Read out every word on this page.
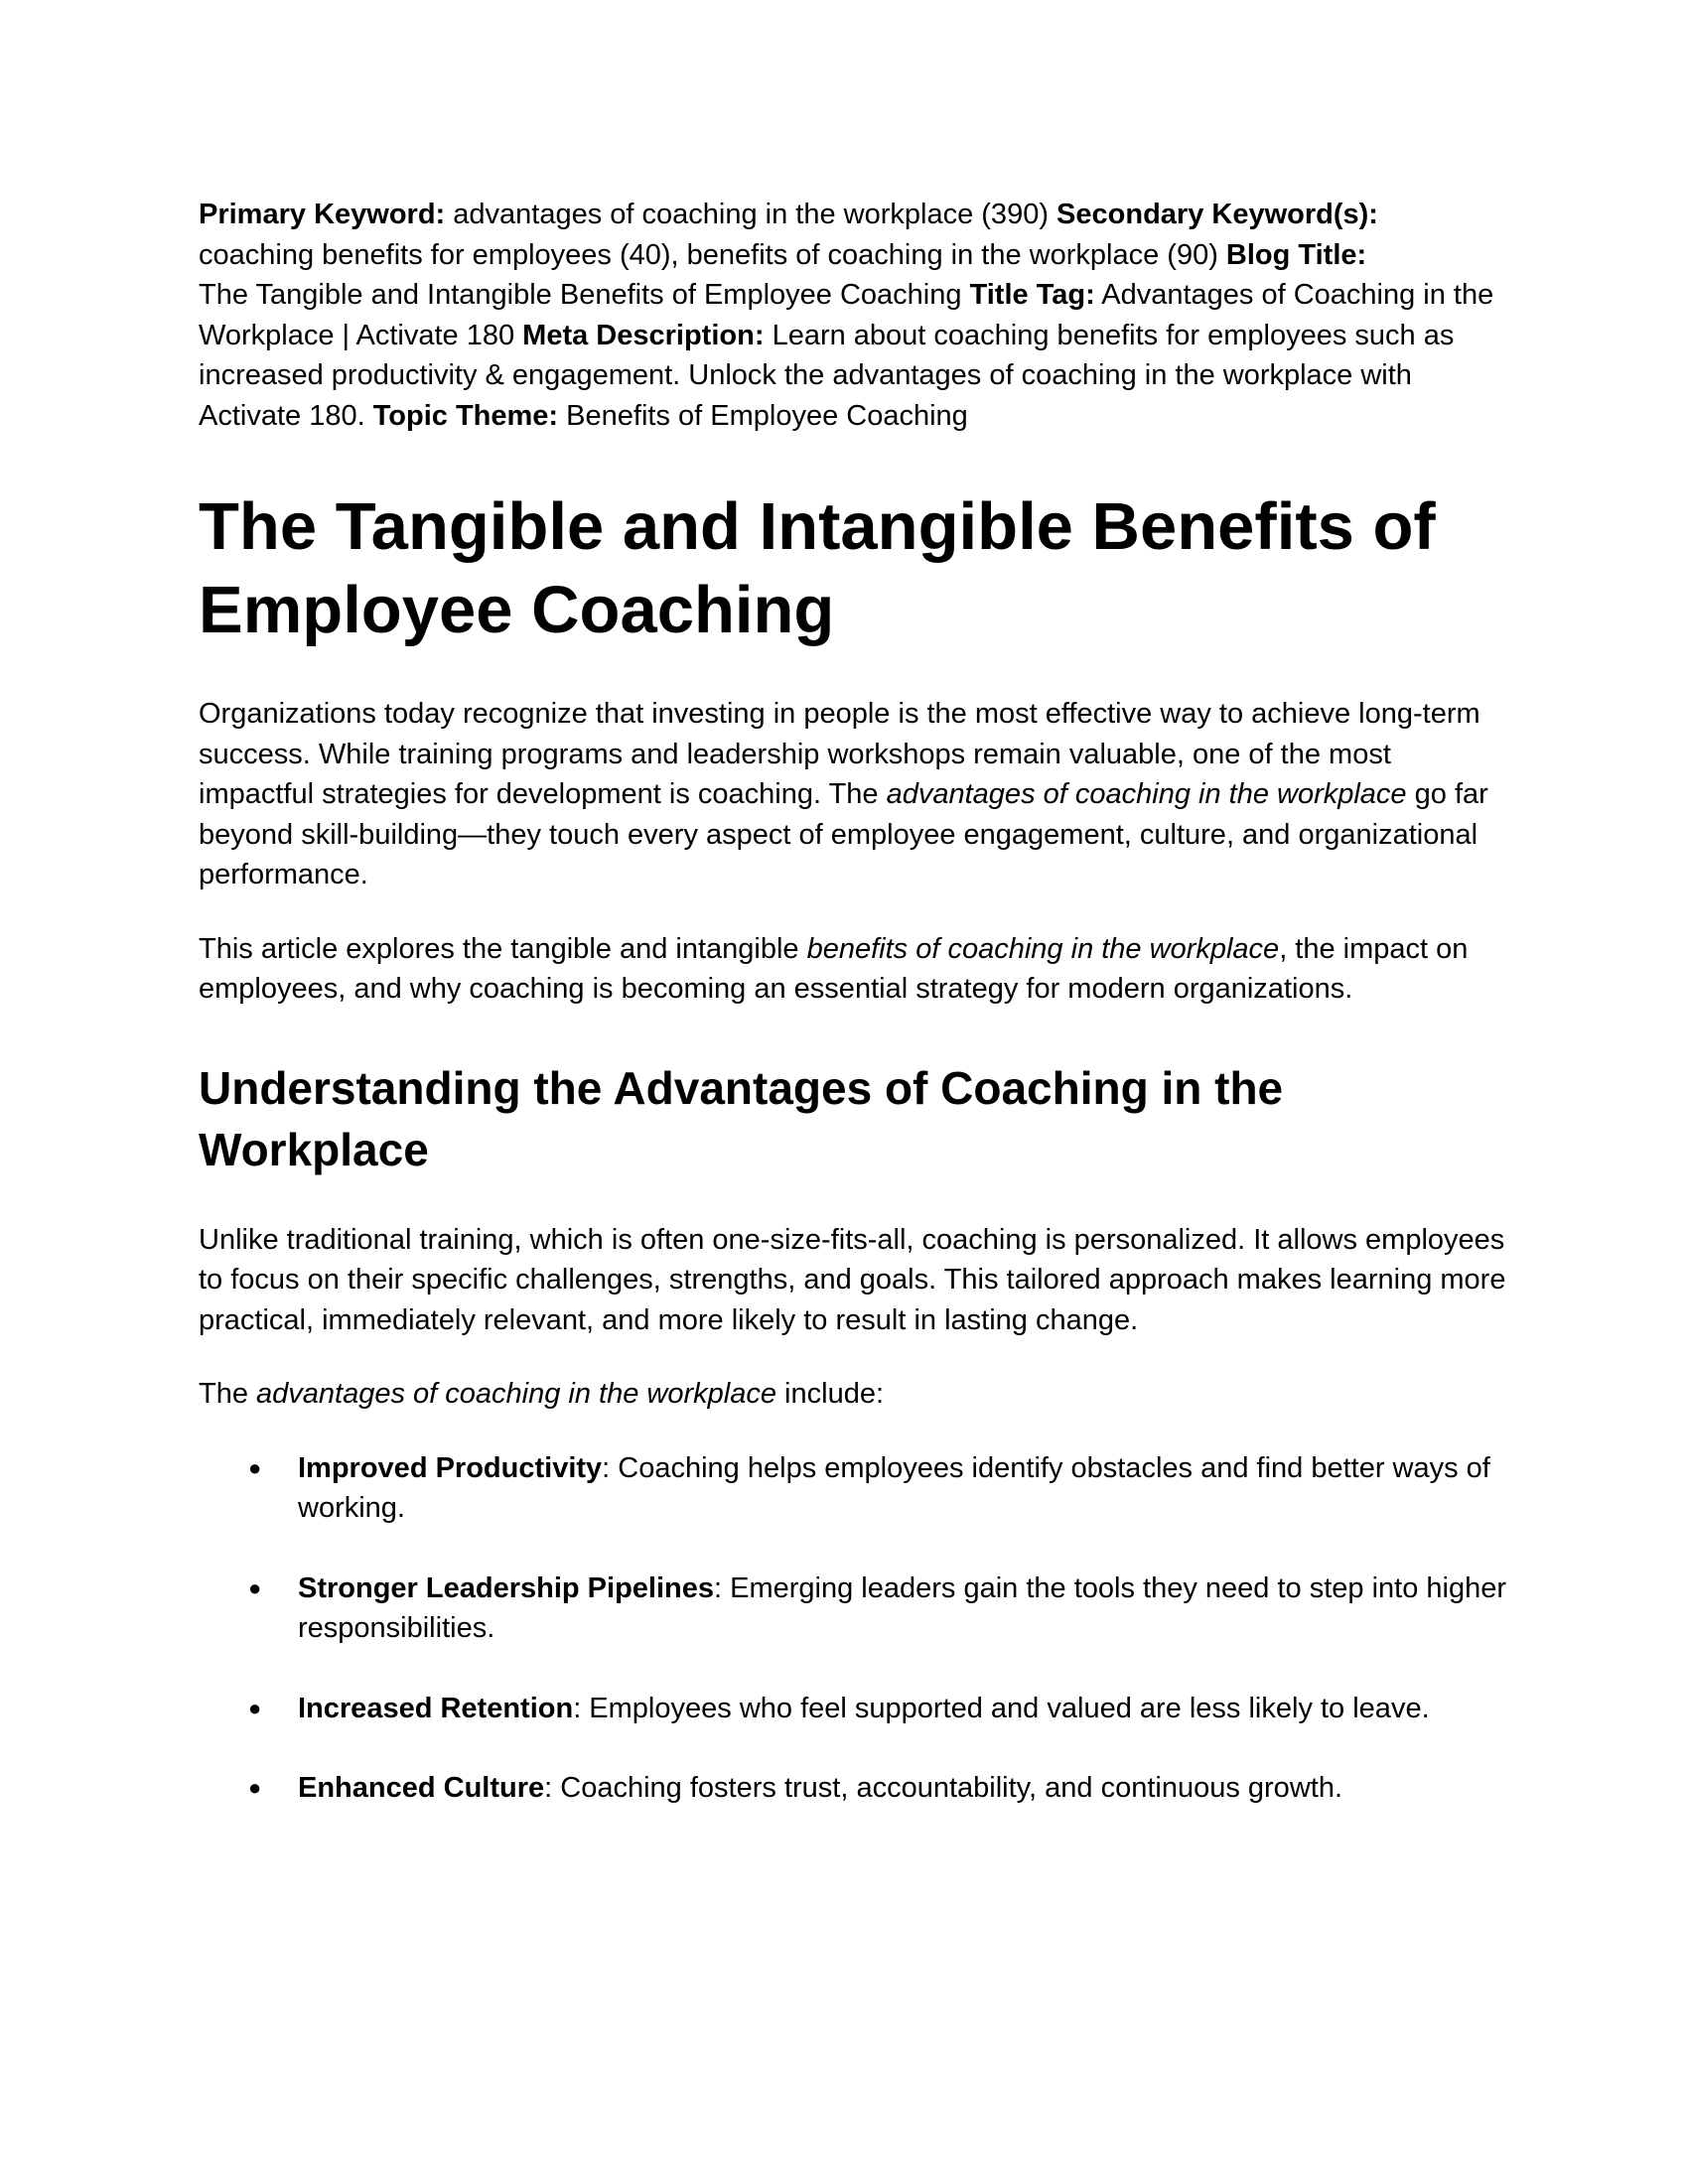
Primary Keyword: advantages of coaching in the workplace (390) Secondary Keyword(s):
coaching benefits for employees (40), benefits of coaching in the workplace (90) Blog Title:
The Tangible and Intangible Benefits of Employee Coaching Title Tag: Advantages of Coaching in the Workplace | Activate 180 Meta Description: Learn about coaching benefits for employees such as increased productivity & engagement. Unlock the advantages of coaching in the workplace with Activate 180. Topic Theme: Benefits of Employee Coaching

The Tangible and Intangible Benefits of
Employee Coaching

Organizations today recognize that investing in people is the most effective way to achieve long-term success. While training programs and leadership workshops remain valuable, one of the most impactful strategies for development is coaching. The advantages of coaching in the workplace go far beyond skill-building—they touch every aspect of employee engagement, culture, and organizational performance.

This article explores the tangible and intangible benefits of coaching in the workplace, the impact on employees, and why coaching is becoming an essential strategy for modern organizations.

Understanding the Advantages of Coaching in the
Workplace

Unlike traditional training, which is often one-size-fits-all, coaching is personalized. It allows employees to focus on their specific challenges, strengths, and goals. This tailored approach makes learning more practical, immediately relevant, and more likely to result in lasting change.

The advantages of coaching in the workplace include:

● Improved Productivity: Coaching helps employees identify obstacles and find better ways of working.
● Stronger Leadership Pipelines: Emerging leaders gain the tools they need to step into higher responsibilities.
● Increased Retention: Employees who feel supported and valued are less likely to leave.
● Enhanced Culture: Coaching fosters trust, accountability, and continuous growth.
